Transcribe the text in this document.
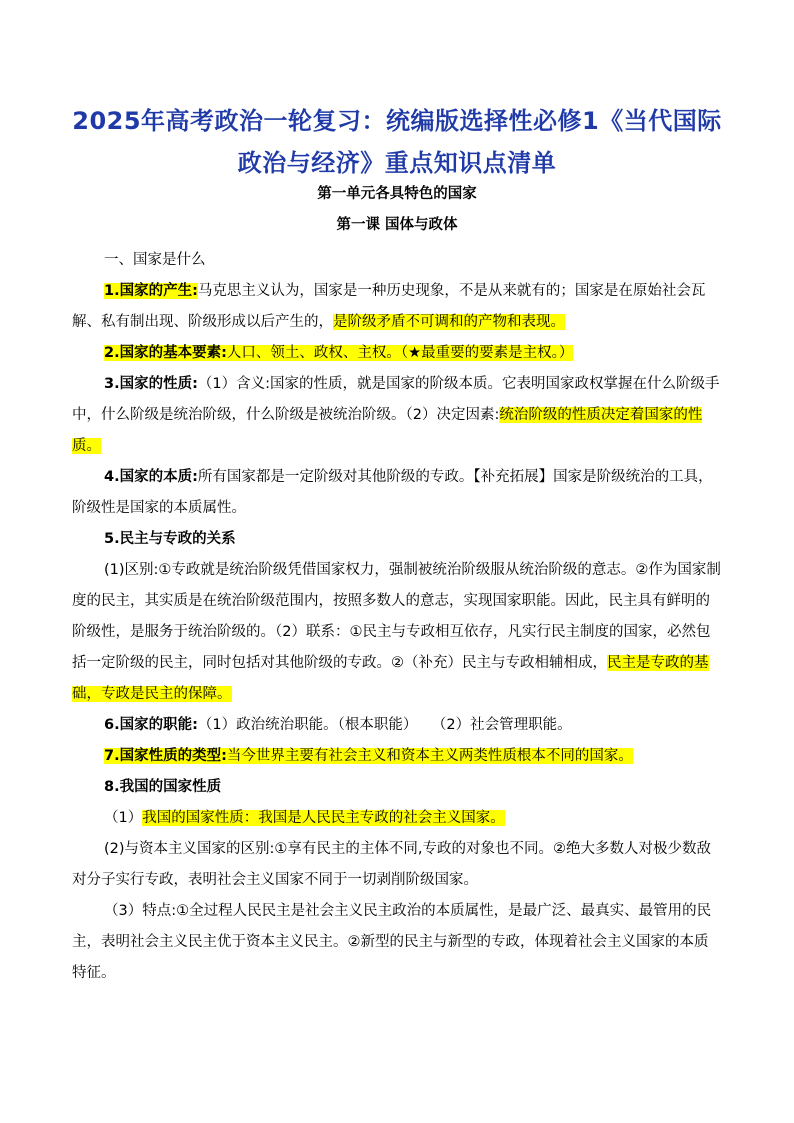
2025年高考政治一轮复习：统编版选择性必修1《当代国际
政治与经济》重点知识点清单
第一单元各具特色的国家
第一课 国体与政体

一、国家是什么

1.国家的产生:马克思主义认为，国家是一种历史现象，不是从来就有的；国家是在原始社会瓦解、私有制出现、阶级形成以后产生的，是阶级矛盾不可调和的产物和表现。

2.国家的基本要素:人口、领土、政权、主权。（★最重要的要素是主权。）

3.国家的性质:（1）含义:国家的性质，就是国家的阶级本质。它表明国家政权掌握在什么阶级手中，什么阶级是统治阶级，什么阶级是被统治阶级。（2）决定因素:统治阶级的性质决定着国家的性质。

4.国家的本质:所有国家都是一定阶级对其他阶级的专政。【补充拓展】国家是阶级统治的工具，阶级性是国家的本质属性。

5.民主与专政的关系

(1)区别:①专政就是统治阶级凭借国家权力，强制被统治阶级服从统治阶级的意志。②作为国家制度的民主，其实质是在统治阶级范围内，按照多数人的意志，实现国家职能。因此，民主具有鲜明的阶级性，是服务于统治阶级的。（2）联系：①民主与专政相互依存，凡实行民主制度的国家，必然包括一定阶级的民主，同时包括对其他阶级的专政。②（补充）民主与专政相辅相成，民主是专政的基础，专政是民主的保障。

6.国家的职能:（1）政治统治职能。（根本职能）　　（2）社会管理职能。

7.国家性质的类型:当今世界主要有社会主义和资本主义两类性质根本不同的国家。

8.我国的国家性质

（1）我国的国家性质：我国是人民民主专政的社会主义国家。

(2)与资本主义国家的区别:①享有民主的主体不同,专政的对象也不同。②绝大多数人对极少数敌对分子实行专政，表明社会主义国家不同于一切剥削阶级国家。

（3）特点:①全过程人民民主是社会主义民主政治的本质属性，是最广泛、最真实、最管用的民主，表明社会主义民主优于资本主义民主。②新型的民主与新型的专政，体现着社会主义国家的本质特征。
